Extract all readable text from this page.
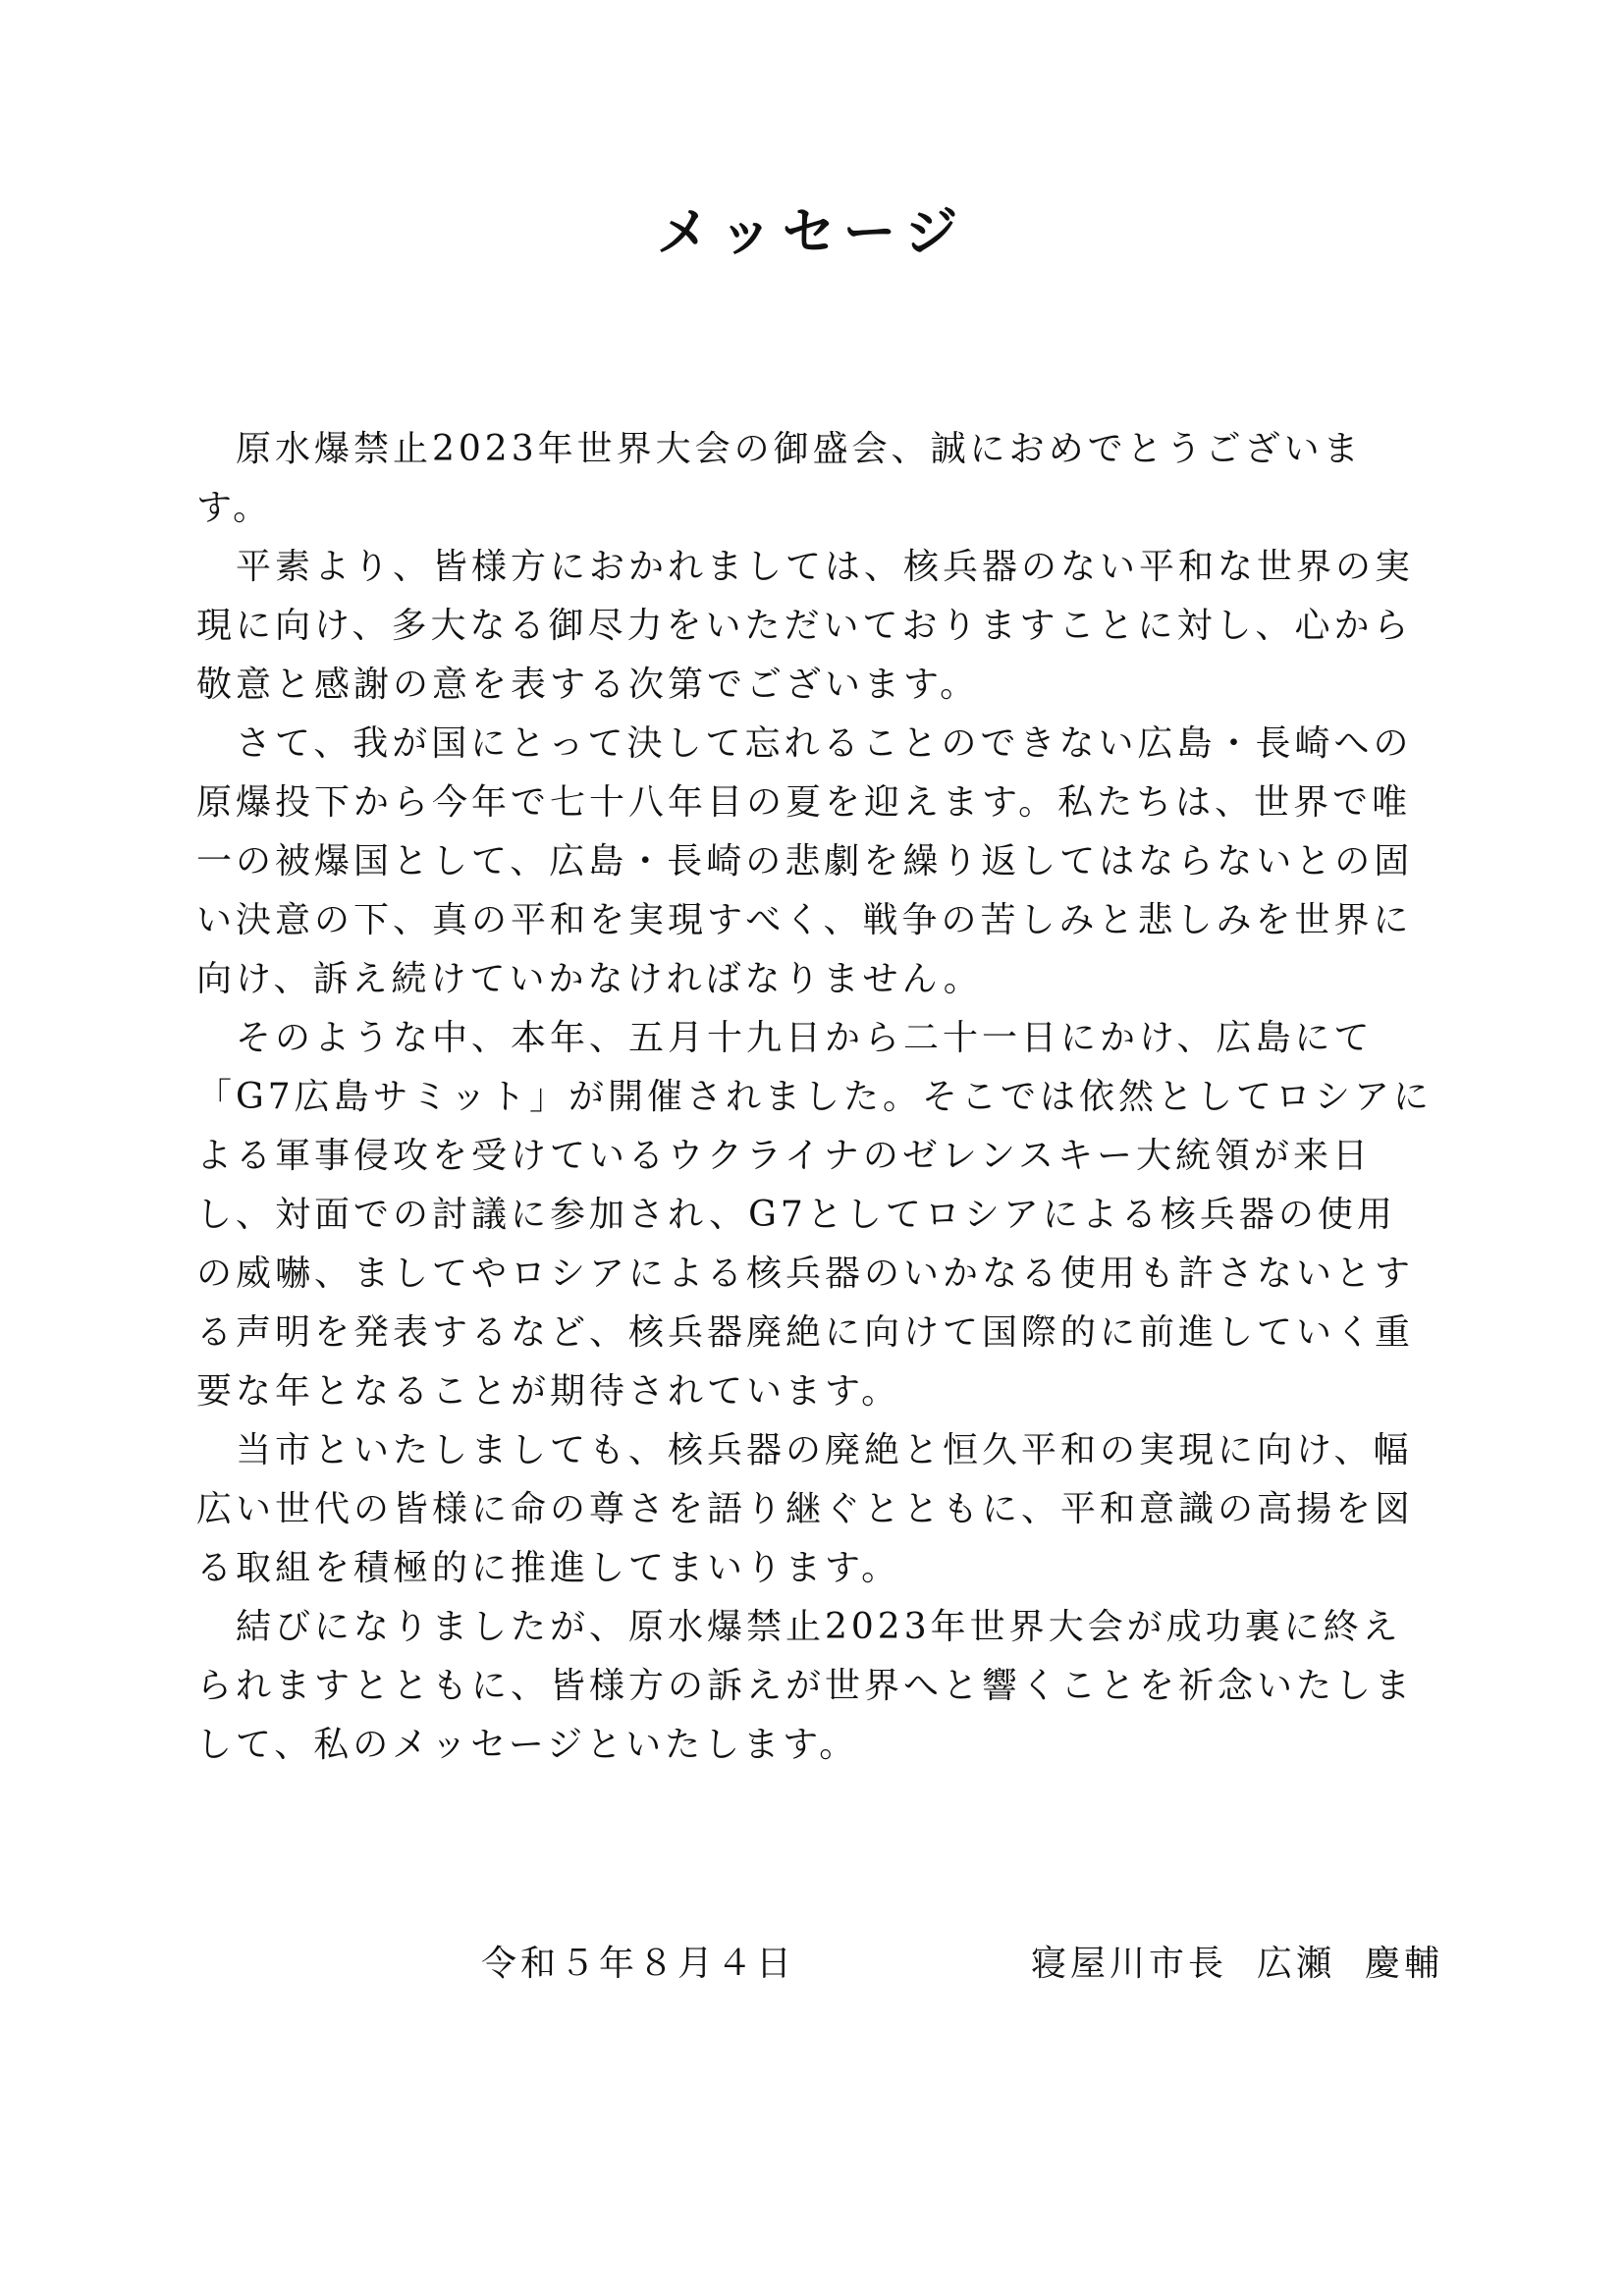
メッセージ

原水爆禁止2023年世界大会の御盛会、誠におめでとうございます。

平素より、皆様方におかれましては、核兵器のない平和な世界の実現に向け、多大なる御尽力をいただいておりますことに対し、心から敬意と感謝の意を表する次第でございます。

さて、我が国にとって決して忘れることのできない広島・長崎への原爆投下から今年で七十八年目の夏を迎えます。私たちは、世界で唯一の被爆国として、広島・長崎の悲劇を繰り返してはならないとの固い決意の下、真の平和を実現すべく、戦争の苦しみと悲しみを世界に向け、訴え続けていかなければなりません。

そのような中、本年、五月十九日から二十一日にかけ、広島にて「G7広島サミット」が開催されました。そこでは依然としてロシアによる軍事侵攻を受けているウクライナのゼレンスキー大統領が来日し、対面での討議に参加され、G7としてロシアによる核兵器の使用の威嚇、ましてやロシアによる核兵器のいかなる使用も許さないとする声明を発表するなど、核兵器廃絶に向けて国際的に前進していく重要な年となることが期待されています。

当市といたしましても、核兵器の廃絶と恒久平和の実現に向け、幅広い世代の皆様に命の尊さを語り継ぐとともに、平和意識の高揚を図る取組を積極的に推進してまいります。

結びになりましたが、原水爆禁止2023年世界大会が成功裏に終えられますとともに、皆様方の訴えが世界へと響くことを祈念いたしまして、私のメッセージといたします。

令和５年８月４日	寝屋川市長 広瀬 慶輔
